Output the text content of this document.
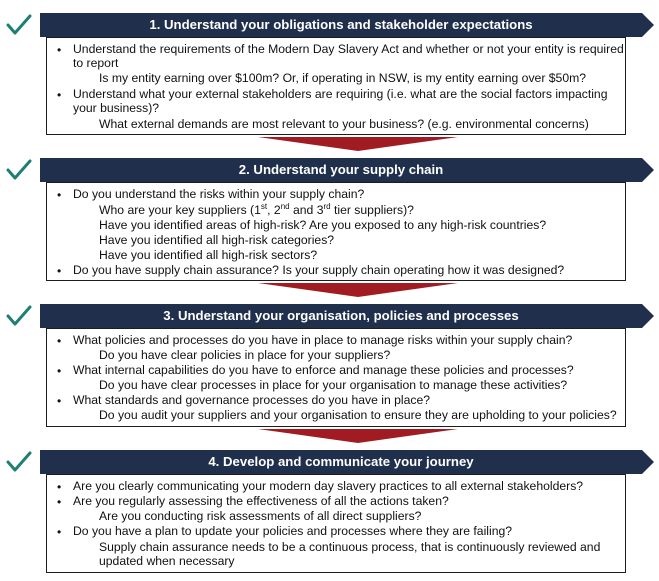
1. Understand your obligations and stakeholder expectations
• Understand the requirements of the Modern Day Slavery Act and whether or not your entity is required
to report
Is my entity earning over $100m? Or, if operating in NSW, is my entity earning over $50m?
• Understand what your external stakeholders are requiring (i.e. what are the social factors impacting
your business)?
What external demands are most relevant to your business? (e.g. environmental concerns)
2. Understand your supply chain
• Do you understand the risks within your supply chain?
Who are your key suppliers (1st, 2nd and 3rd tier suppliers)?
Have you identified areas of high-risk? Are you exposed to any high-risk countries?
Have you identified all high-risk categories?
Have you identified all high-risk sectors?
• Do you have supply chain assurance? Is your supply chain operating how it was designed?
3. Understand your organisation, policies and processes
• What policies and processes do you have in place to manage risks within your supply chain?
Do you have clear policies in place for your suppliers?
• What internal capabilities do you have to enforce and manage these policies and processes?
Do you have clear processes in place for your organisation to manage these activities?
• What standards and governance processes do you have in place?
Do you audit your suppliers and your organisation to ensure they are upholding to your policies?
4. Develop and communicate your journey
• Are you clearly communicating your modern day slavery practices to all external stakeholders?
• Are you regularly assessing the effectiveness of all the actions taken?
Are you conducting risk assessments of all direct suppliers?
• Do you have a plan to update your policies and processes where they are failing?
Supply chain assurance needs to be a continuous process, that is continuously reviewed and
updated when necessary
